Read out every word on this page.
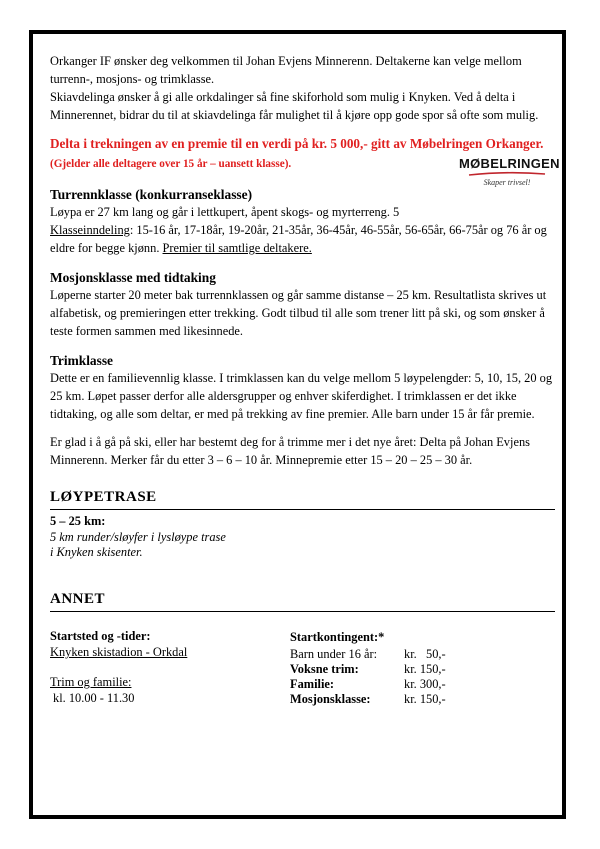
Orkanger IF ønsker deg velkommen til Johan Evjens Minnerenn. Deltakerne kan velge mellom turrenn-, mosjons- og trimklasse.

Skiavdelinga ønsker å gi alle orkdalinger så fine skiforhold som mulig i Knyken. Ved å delta i Minnerennet, bidrar du til at skiavdelinga får mulighet til å kjøre opp gode spor så ofte som mulig.

Delta i trekningen av en premie til en verdi på kr. 5 000,- gitt av Møbelringen Orkanger. (Gjelder alle deltagere over 15 år – uansett klasse).	MØBELRINGEN
Skaper trivsel!
Turrennklasse (konkurranseklasse)

Løypa er 27 km lang og går i lettkupert, åpent skogs- og myrterreng. 5
Klasseinndeling: 15-16 år, 17-18år, 19-20år, 21-35år, 36-45år, 46-55år, 56-65år, 66-75år og 76 år og eldre for begge kjønn. Premier til samtlige deltakere.

Mosjonsklasse med tidtaking

Løperne starter 20 meter bak turrennklassen og går samme distanse – 25 km. Resultatlista skrives ut alfabetisk, og premieringen etter trekking. Godt tilbud til alle som trener litt på ski, og som ønsker å teste formen sammen med likesinnede.

Trimklasse

Dette er en familievennlig klasse. I trimklassen kan du velge mellom 5 løypelengder: 5, 10, 15, 20 og 25 km. Løpet passer derfor alle aldersgrupper og enhver skiferdighet. I trimklassen er det ikke tidtaking, og alle som deltar, er med på trekking av fine premier. Alle barn under 15 år får premie.

Er glad i å gå på ski, eller har bestemt deg for å trimme mer i det nye året: Delta på Johan Evjens Minnerenn. Merker får du etter 3 – 6 – 10 år. Minnepremie etter 15 – 20 – 25 – 30 år.

LØYPETRASE

5 – 25 km:

5 km runder/sløyfer i lysløype trase

i Knyken skisenter.

ANNET

Startsted og -tider:

Knyken skistadion - Orkdal

Trim og familie:

kl. 10.00 - 11.30

Startkontingent:*

Barn under 16 år:	kr.   50,-
Voksne trim:	kr. 150,-
Familie:	kr. 300,-
Mosjonsklasse:	kr. 150,-
